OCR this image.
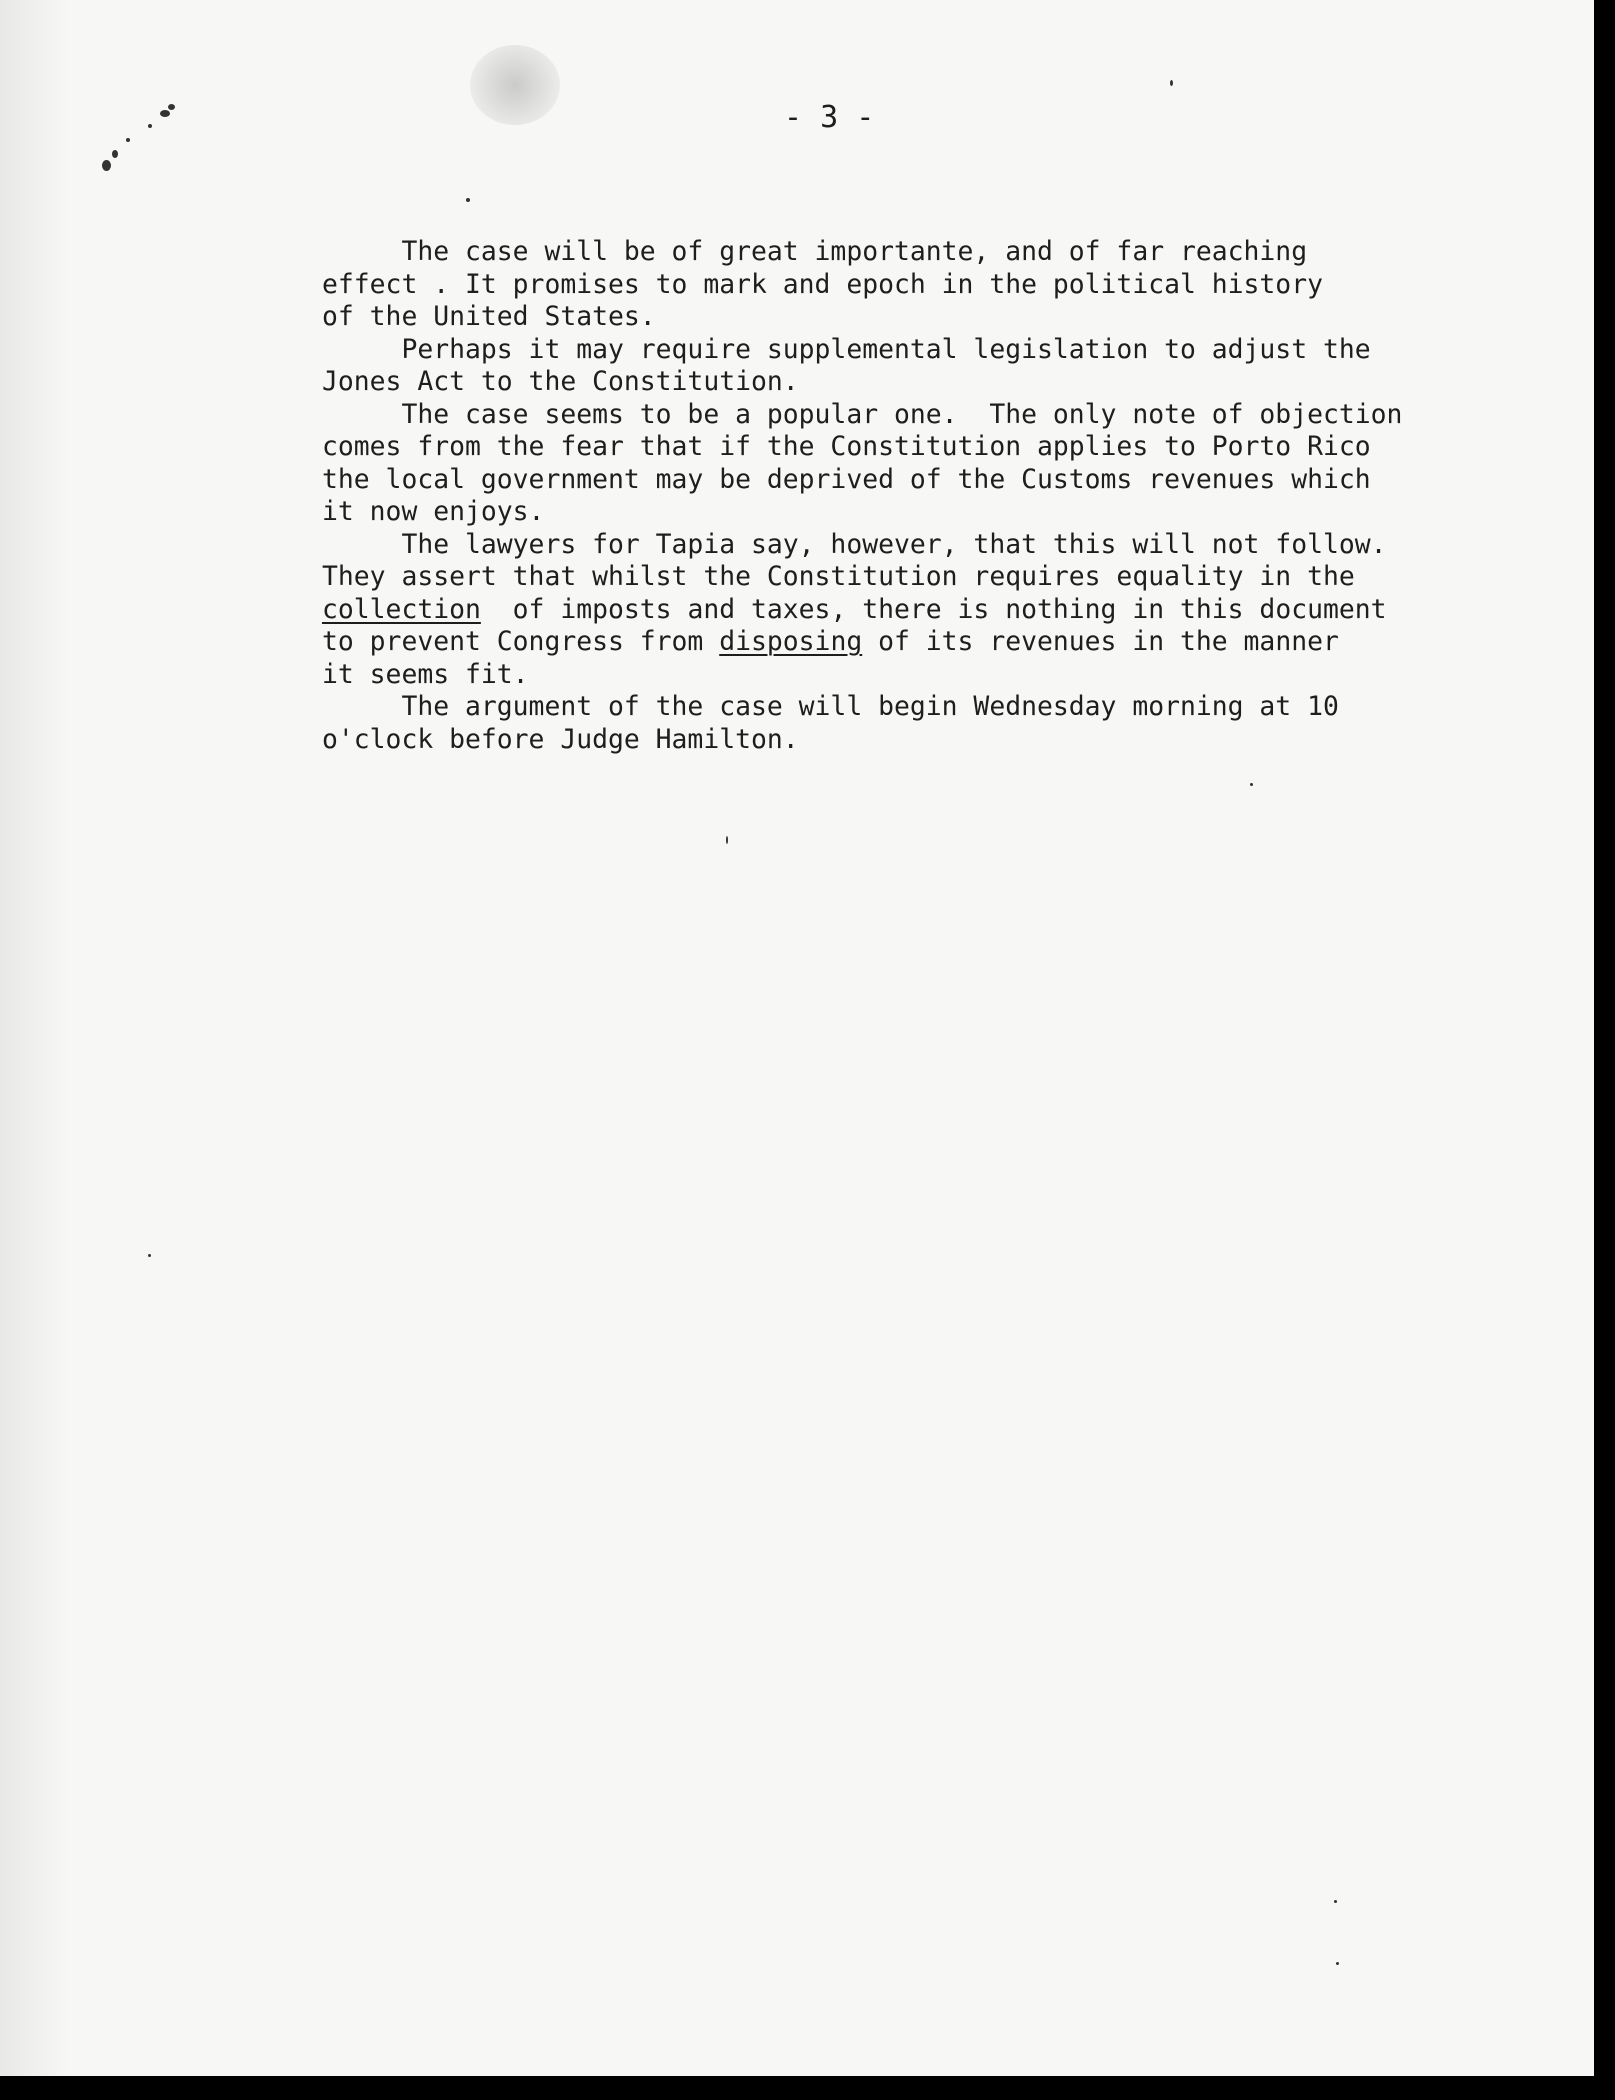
- 3 -
The case will be of great importante, and of far reaching
effect . It promises to mark and epoch in the political history
of the United States.
Perhaps it may require supplemental legislation to adjust the
Jones Act to the Constitution.
The case seems to be a popular one.  The only note of objection
comes from the fear that if the Constitution applies to Porto Rico
the local government may be deprived of the Customs revenues which
it now enjoys.
The lawyers for Tapia say, however, that this will not follow.
They assert that whilst the Constitution requires equality in the
collection  of imposts and taxes, there is nothing in this document
to prevent Congress from disposing of its revenues in the manner
it seems fit.
The argument of the case will begin Wednesday morning at 10
o'clock before Judge Hamilton.
